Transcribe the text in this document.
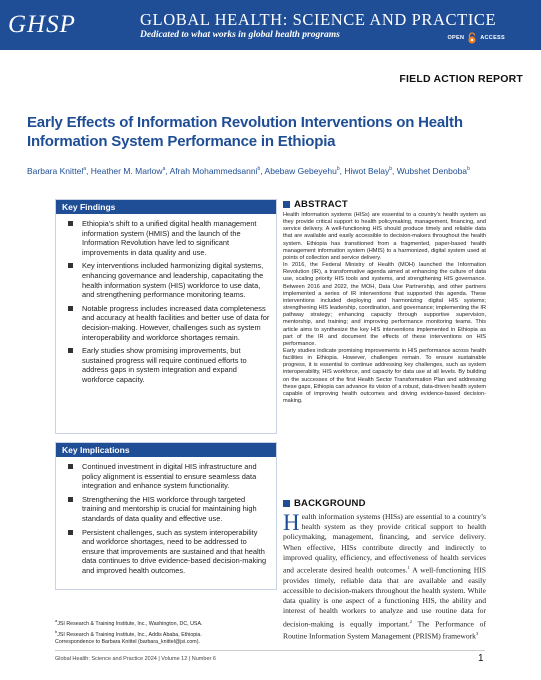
GHSP	GLOBAL HEALTH: SCIENCE AND PRACTICE
Dedicated to what works in global health programs	OPEN	ACCESS
FIELD ACTION REPORT
Early Effects of Information Revolution Interventions on Health Information System Performance in Ethiopia
Barbara Knittel$^a$, Heather M. Marlow$^a$, Afrah Mohammedsanni$^b$, Abebaw Gebeyehu$^b$, Hiwot Belay$^b$, Wubshet Denboba$^b$
Key Findings
Ethiopia’s shift to a unified digital health management information system (HMIS) and the launch of the Information Revolution have led to significant improvements in data quality and use.
Key interventions included harmonizing digital systems, enhancing governance and leadership, capacitating the health information system (HIS) workforce to use data, and strengthening performance monitoring teams.
Notable progress includes increased data completeness and accuracy at health facilities and better use of data for decision-making. However, challenges such as system interoperability and workforce shortages remain.
Early studies show promising improvements, but sustained progress will require continued efforts to address gaps in system integration and expand workforce capacity.
Key Implications
Continued investment in digital HIS infrastructure and policy alignment is essential to ensure seamless data integration and enhance system functionality.
Strengthening the HIS workforce through targeted training and mentorship is crucial for maintaining high standards of data quality and effective use.
Persistent challenges, such as system interoperability and workforce shortages, need to be addressed to ensure that improvements are sustained and that health data continues to drive evidence-based decision-making and improved health outcomes.
$^a$JSI Research & Training Institute, Inc., Washington, DC, USA.
$^b$JSI Research & Training Institute, Inc., Addis Ababa, Ethiopia.
Correspondence to Barbara Knittel (barbara_knittel@jsi.com).
Global Health: Science and Practice 2024 | Volume 12 | Number 6	1
ABSTRACT

Health information systems (HISs) are essential to a country’s health system as they provide critical support to health policymaking, management, financing, and service delivery. A well-functioning HIS should produce timely and reliable data that are available and easily accessible to decision-makers throughout the health system. Ethiopia has transitioned from a fragmented, paper-based health management information system (HMIS) to a harmonized, digital system used at points of collection and service delivery.

In 2016, the Federal Ministry of Health (MOH) launched the Information Revolution (IR), a transformative agenda aimed at enhancing the culture of data use, scaling priority HIS tools and systems, and strengthening HIS governance. Between 2016 and 2022, the MOH, Data Use Partnership, and other partners implemented a series of IR interventions that supported this agenda. These interventions included deploying and harmonizing digital HIS systems; strengthening HIS leadership, coordination, and governance; implementing the IR pathway strategy; enhancing capacity through supportive supervision, mentorship, and training; and improving performance monitoring teams. This article aims to synthesize the key HIS interventions implemented in Ethiopia as part of the IR and document the effects of these interventions on HIS performance.

Early studies indicate promising improvements in HIS performance across health facilities in Ethiopia. However, challenges remain. To ensure sustainable progress, it is essential to continue addressing key challenges, such as system interoperability, HIS workforce, and capacity for data use at all levels. By building on the successes of the first Health Sector Transformation Plan and addressing these gaps, Ethiopia can advance its vision of a robust, data-driven health system capable of improving health outcomes and driving evidence-based decision-making.

BACKGROUND
Health information systems (HISs) are essential to a country’s health system as they provide critical support to health policymaking, management, financing, and service delivery. When effective, HISs contribute directly and indirectly to improved quality, efficiency, and effectiveness of health services and accelerate desired health outcomes.$^1$ A well-functioning HIS provides timely, reliable data that are available and easily accessible to decision-makers throughout the health system. While data quality is one aspect of a functioning HIS, the ability and interest of health workers to analyze and use routine data for decision-making is equally important.$^2$ The Performance of Routine Information System Management (PRISM) framework$^3$
